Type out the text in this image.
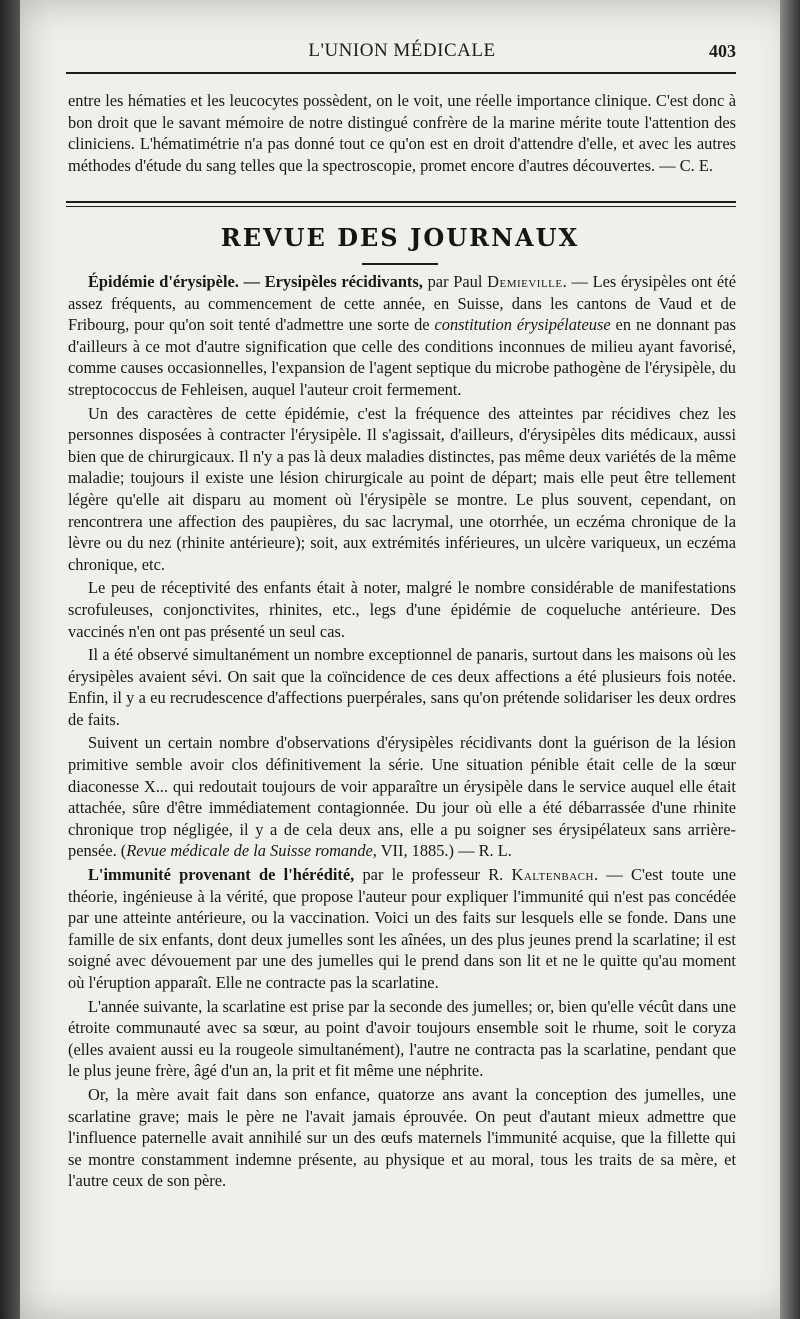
L'UNION MÉDICALE	403

entre les hématies et les leucocytes possèdent, on le voit, une réelle importance clinique. C'est donc à bon droit que le savant mémoire de notre distingué confrère de la marine mérite toute l'attention des cliniciens. L'hématimétrie n'a pas donné tout ce qu'on est en droit d'attendre d'elle, et avec les autres méthodes d'étude du sang telles que la spectroscopie, promet encore d'autres découvertes. — C. E.

REVUE DES JOURNAUX

Épidémie d'érysipèle. — Erysipèles récidivants, par Paul Demieville. — Les érysipèles ont été assez fréquents, au commencement de cette année, en Suisse, dans les cantons de Vaud et de Fribourg, pour qu'on soit tenté d'admettre une sorte de constitution érysipélateuse en ne donnant pas d'ailleurs à ce mot d'autre signification que celle des conditions inconnues de milieu ayant favorisé, comme causes occasionnelles, l'expansion de l'agent septique du microbe pathogène de l'érysipèle, du streptococcus de Fehleisen, auquel l'auteur croit fermement.

Un des caractères de cette épidémie, c'est la fréquence des atteintes par récidives chez les personnes disposées à contracter l'érysipèle. Il s'agissait, d'ailleurs, d'érysipèles dits médicaux, aussi bien que de chirurgicaux. Il n'y a pas là deux maladies distinctes, pas même deux variétés de la même maladie; toujours il existe une lésion chirurgicale au point de départ; mais elle peut être tellement légère qu'elle ait disparu au moment où l'érysipèle se montre. Le plus souvent, cependant, on rencontrera une affection des paupières, du sac lacrymal, une otorrhée, un eczéma chronique de la lèvre ou du nez (rhinite antérieure); soit, aux extrémités inférieures, un ulcère variqueux, un eczéma chronique, etc.

Le peu de réceptivité des enfants était à noter, malgré le nombre considérable de manifestations scrofuleuses, conjonctivites, rhinites, etc., legs d'une épidémie de coqueluche antérieure. Des vaccinés n'en ont pas présenté un seul cas.

Il a été observé simultanément un nombre exceptionnel de panaris, surtout dans les maisons où les érysipèles avaient sévi. On sait que la coïncidence de ces deux affections a été plusieurs fois notée. Enfin, il y a eu recrudescence d'affections puerpérales, sans qu'on prétende solidariser les deux ordres de faits.

Suivent un certain nombre d'observations d'érysipèles récidivants dont la guérison de la lésion primitive semble avoir clos définitivement la série. Une situation pénible était celle de la sœur diaconesse X... qui redoutait toujours de voir apparaître un érysipèle dans le service auquel elle était attachée, sûre d'être immédiatement contagionnée. Du jour où elle a été débarrassée d'une rhinite chronique trop négligée, il y a de cela deux ans, elle a pu soigner ses érysipélateux sans arrière-pensée. (Revue médicale de la Suisse romande, VII, 1885.) — R. L.

L'immunité provenant de l'hérédité, par le professeur R. Kaltenbach. — C'est toute une théorie, ingénieuse à la vérité, que propose l'auteur pour expliquer l'immunité qui n'est pas concédée par une atteinte antérieure, ou la vaccination. Voici un des faits sur lesquels elle se fonde. Dans une famille de six enfants, dont deux jumelles sont les aînées, un des plus jeunes prend la scarlatine; il est soigné avec dévouement par une des jumelles qui le prend dans son lit et ne le quitte qu'au moment où l'éruption apparaît. Elle ne contracte pas la scarlatine.

L'année suivante, la scarlatine est prise par la seconde des jumelles; or, bien qu'elle vécût dans une étroite communauté avec sa sœur, au point d'avoir toujours ensemble soit le rhume, soit le coryza (elles avaient aussi eu la rougeole simultanément), l'autre ne contracta pas la scarlatine, pendant que le plus jeune frère, âgé d'un an, la prit et fit même une néphrite.

Or, la mère avait fait dans son enfance, quatorze ans avant la conception des jumelles, une scarlatine grave; mais le père ne l'avait jamais éprouvée. On peut d'autant mieux admettre que l'influence paternelle avait annihilé sur un des œufs maternels l'immunité acquise, que la fillette qui se montre constamment indemne présente, au physique et au moral, tous les traits de sa mère, et l'autre ceux de son père.
